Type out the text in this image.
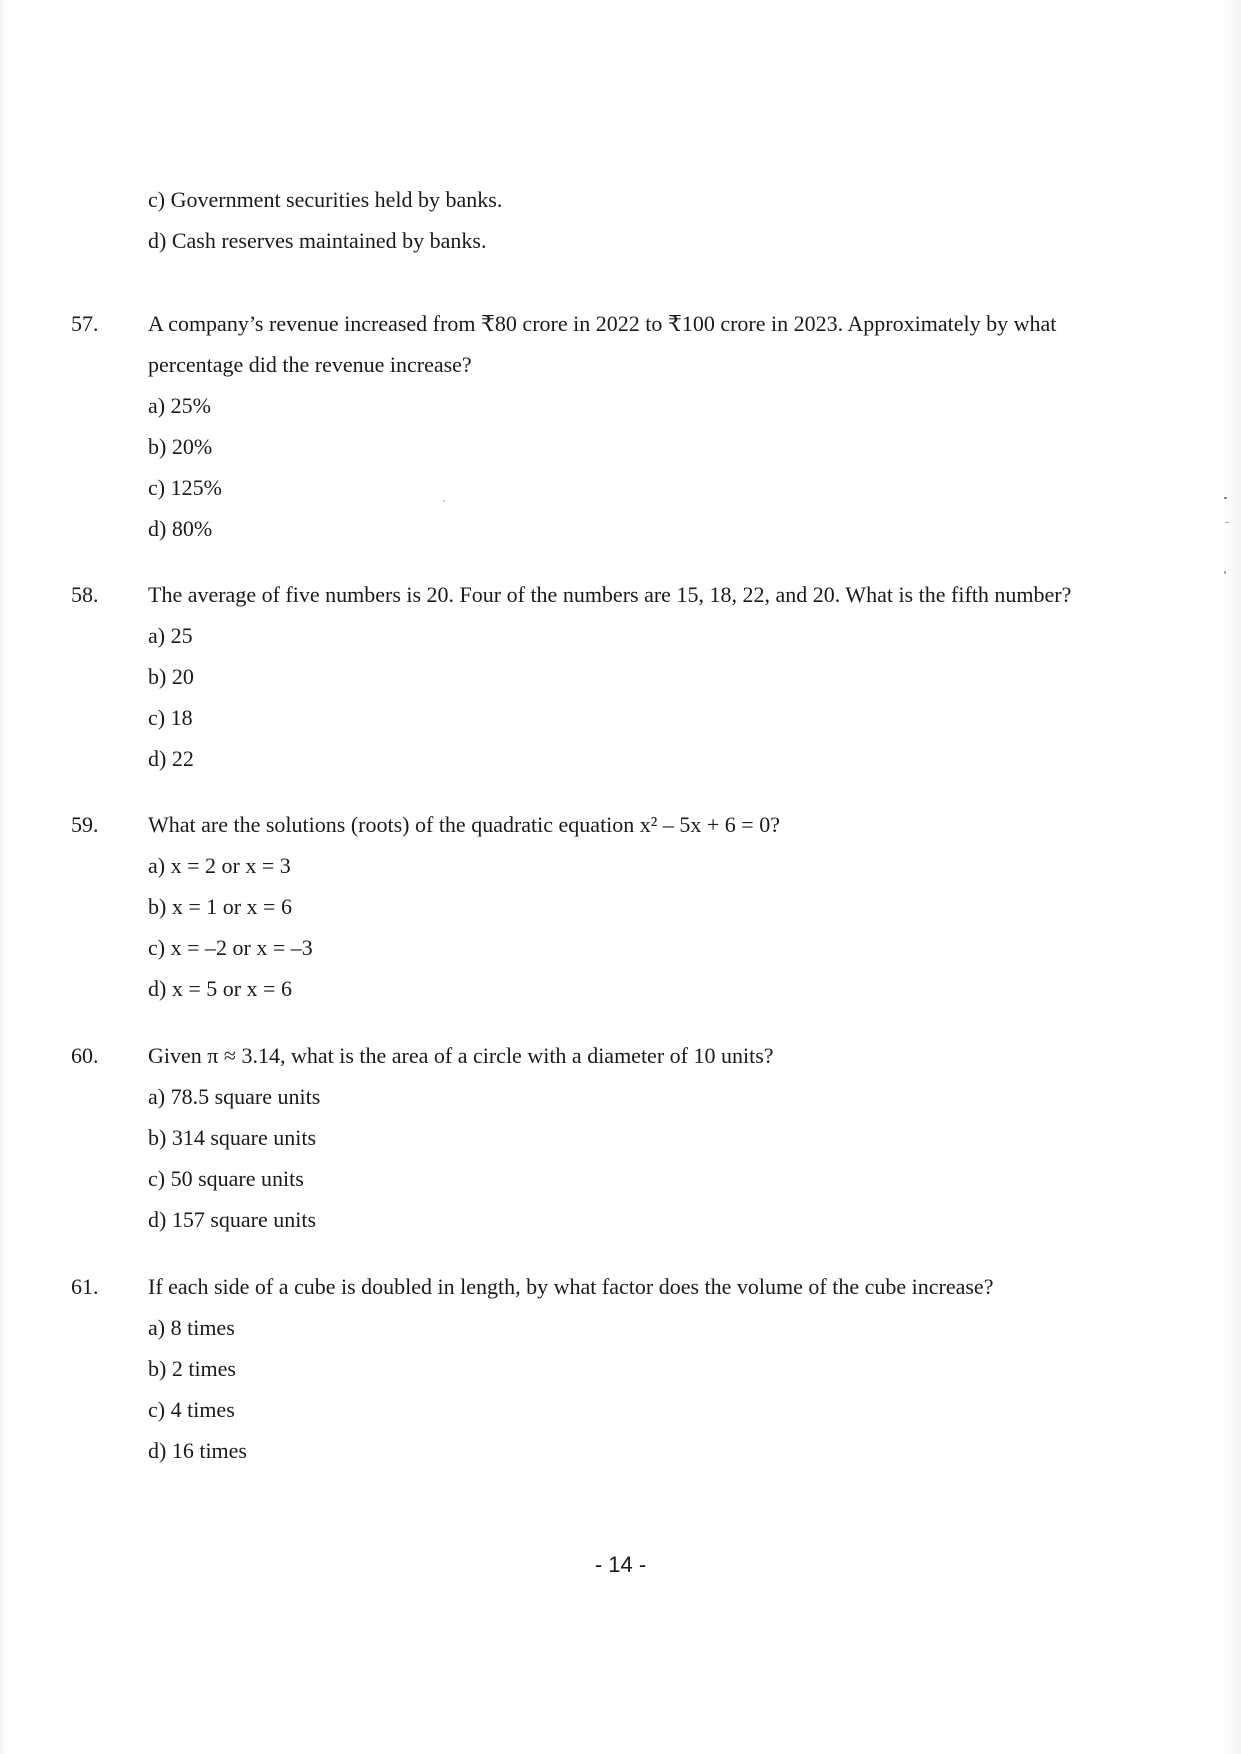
c) Government securities held by banks.
d) Cash reserves maintained by banks.
57. A company’s revenue increased from ₹80 crore in 2022 to ₹100 crore in 2023. Approximately by what
percentage did the revenue increase?
a) 25%
b) 20%
c) 125%
d) 80%
58. The average of five numbers is 20. Four of the numbers are 15, 18, 22, and 20. What is the fifth number?
a) 25
b) 20
c) 18
d) 22
59. What are the solutions (roots) of the quadratic equation x² – 5x + 6 = 0?
a) x = 2 or x = 3
b) x = 1 or x = 6
c) x = –2 or x = –3
d) x = 5 or x = 6
60. Given π ≈ 3.14, what is the area of a circle with a diameter of 10 units?
a) 78.5 square units
b) 314 square units
c) 50 square units
d) 157 square units
61. If each side of a cube is doubled in length, by what factor does the volume of the cube increase?
a) 8 times
b) 2 times
c) 4 times
d) 16 times
- 14 -
